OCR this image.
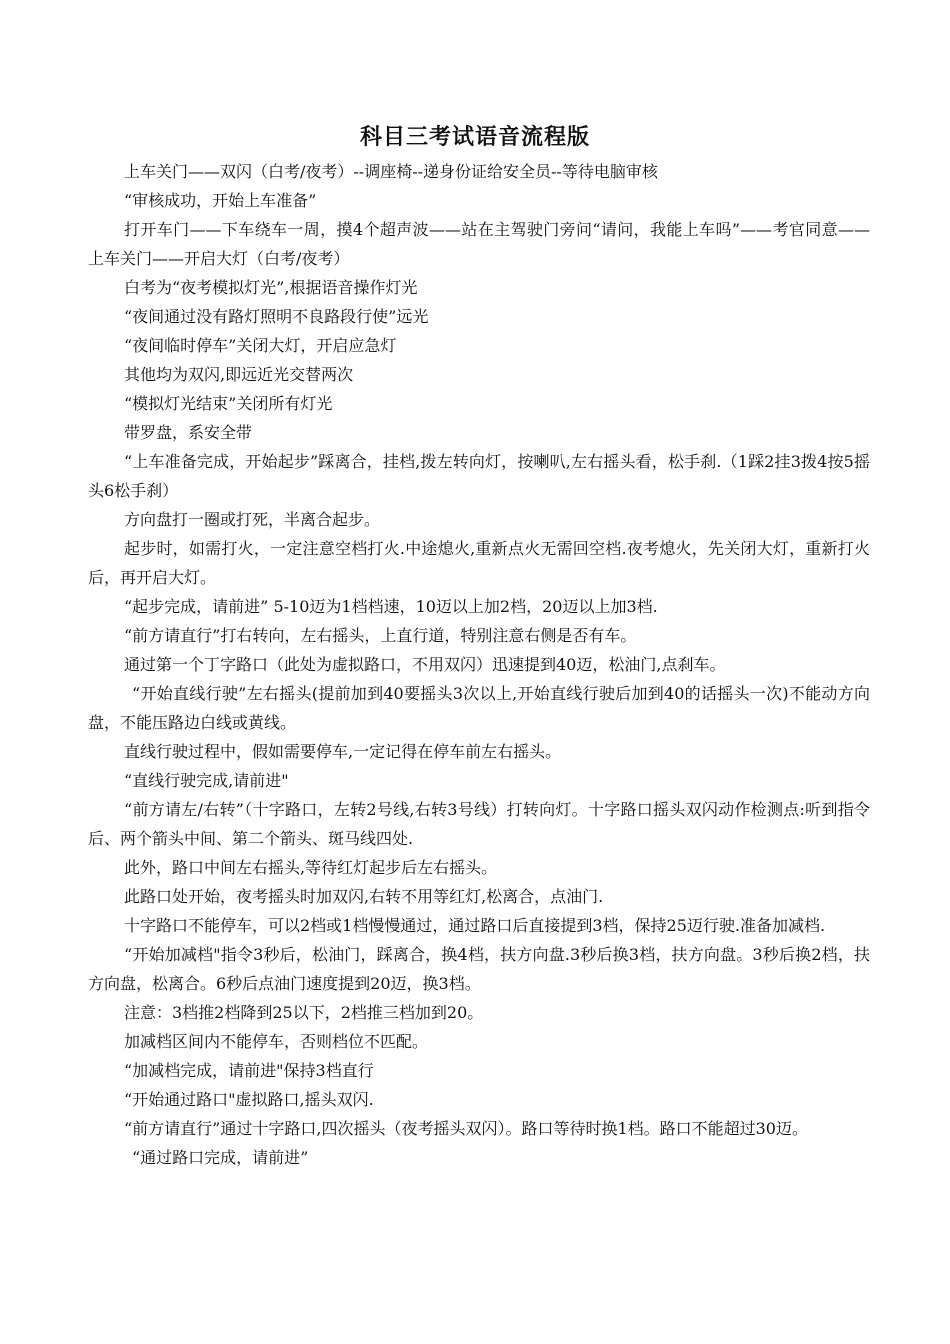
科目三考试语音流程版

上车关门——双闪（白考/夜考）--调座椅--递身份证给安全员--等待电脑审核

“审核成功，开始上车准备”

打开车门——下车绕车一周，摸4个超声波——站在主驾驶门旁问“请问，我能上车吗”——考官同意——上车关门——开启大灯（白考/夜考）

白考为“夜考模拟灯光”,根据语音操作灯光

“夜间通过没有路灯照明不良路段行使”远光

“夜间临时停车”关闭大灯，开启应急灯

其他均为双闪,即远近光交替两次

“模拟灯光结束”关闭所有灯光

带罗盘，系安全带

“上车准备完成，开始起步”踩离合，挂档,拨左转向灯，按喇叭,左右摇头看，松手刹.（1踩2挂3拨4按5摇头6松手刹）

方向盘打一圈或打死，半离合起步。

起步时，如需打火，一定注意空档打火.中途熄火,重新点火无需回空档.夜考熄火，先关闭大灯，重新打火后，再开启大灯。

“起步完成，请前进” 5-10迈为1档档速，10迈以上加2档，20迈以上加3档.

“前方请直行”打右转向，左右摇头，上直行道，特别注意右侧是否有车。

通过第一个丁字路口（此处为虚拟路口，不用双闪）迅速提到40迈，松油门,点刹车。

“开始直线行驶”左右摇头(提前加到40要摇头3次以上,开始直线行驶后加到40的话摇头一次)不能动方向盘，不能压路边白线或黄线。

直线行驶过程中，假如需要停车,一定记得在停车前左右摇头。

“直线行驶完成,请前进"

“前方请左/右转”（十字路口，左转2号线,右转3号线）打转向灯。十字路口摇头双闪动作检测点:听到指令后、两个箭头中间、第二个箭头、斑马线四处.

此外，路口中间左右摇头,等待红灯起步后左右摇头。

此路口处开始，夜考摇头时加双闪,右转不用等红灯,松离合，点油门.

十字路口不能停车，可以2档或1档慢慢通过，通过路口后直接提到3档，保持25迈行驶.准备加减档.

“开始加减档"指令3秒后，松油门，踩离合，换4档，扶方向盘.3秒后换3档，扶方向盘。3秒后换2档，扶方向盘，松离合。6秒后点油门速度提到20迈，换3档。

注意：3档推2档降到25以下，2档推三档加到20。

加减档区间内不能停车，否则档位不匹配。

“加减档完成，请前进"保持3档直行

“开始通过路口"虚拟路口,摇头双闪.

“前方请直行”通过十字路口,四次摇头（夜考摇头双闪）。路口等待时换1档。路口不能超过30迈。

“通过路口完成，请前进”
